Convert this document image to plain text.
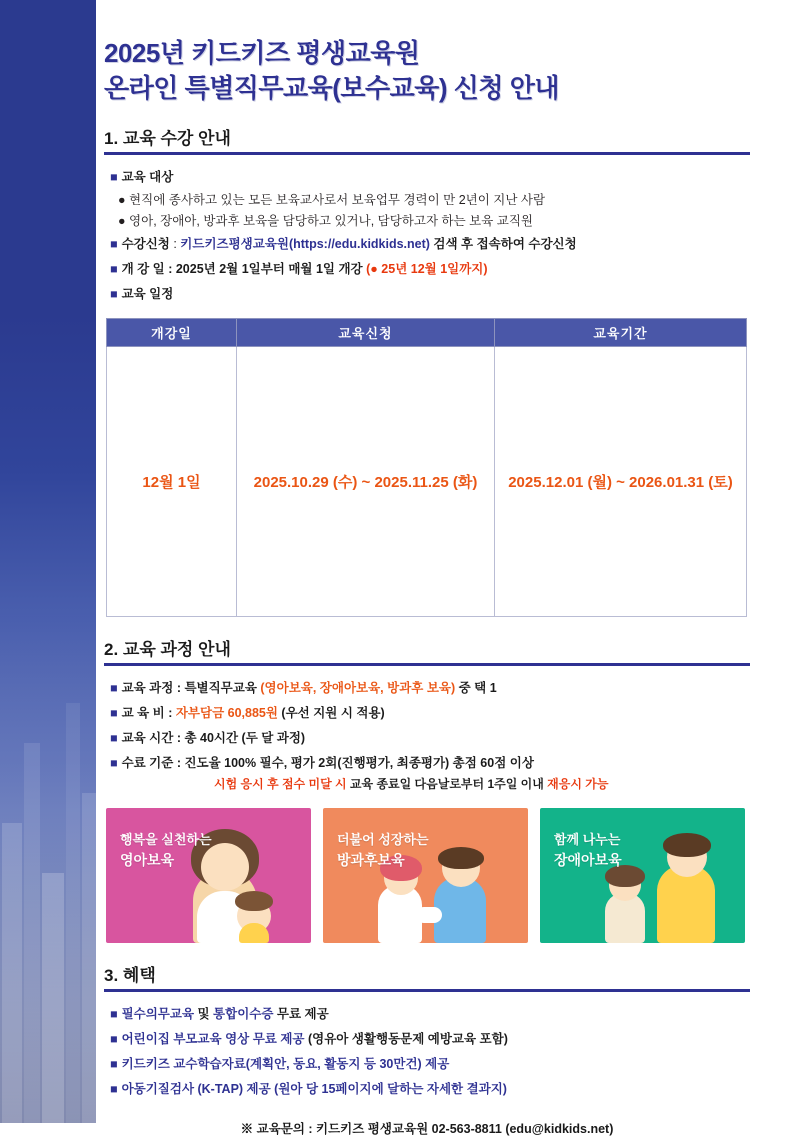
2025년 키드키즈 평생교육원
온라인 특별직무교육(보수교육) 신청 안내
1. 교육 수강 안내
■ 교육 대상
● 현직에 종사하고 있는 모든 보육교사로서 보육업무 경력이 만 2년이 지난 사람
● 영아, 장애아, 방과후 보육을 담당하고 있거나, 담당하고자 하는 보육 교직원
■ 수강신청 : 키드키즈평생교육원(https://edu.kidkids.net) 검색 후 접속하여 수강신청
■ 개 강 일 : 2025년 2월 1일부터 매월 1일 개강 (● 25년 12월 1일까지)
■ 교육 일정
개강일	교육신청	교육기간
12월 1일	2025.10.29 (수) ~ 2025.11.25 (화)	2025.12.01 (월) ~ 2026.01.31 (토)
2. 교육 과정 안내
■ 교육 과정 : 특별직무교육 (영아보육, 장애아보육, 방과후 보육) 중 택 1
■ 교 육 비 : 자부담금 60,885원 (우선 지원 시 적용)
■ 교육 시간 : 총 40시간 (두 달 과정)
■ 수료 기준 : 진도율 100% 필수, 평가 2회(진행평가, 최종평가) 총점 60점 이상
시험 응시 후 점수 미달 시 교육 종료일 다음날로부터 1주일 이내 재응시 가능
행복을 실천하는
영아보육
더불어 성장하는
방과후보육
함께 나누는
장애아보육
3. 혜택
■ 필수의무교육 및 통합이수증 무료 제공
■ 어린이집 부모교육 영상 무료 제공 (영유아 생활행동문제 예방교육 포함)
■ 키드키즈 교수학습자료(계획안, 동요, 활동지 등 30만건) 제공
■ 아동기질검사 (K-TAP) 제공 (원아 당 15페이지에 달하는 자세한 결과지)
※ 교육문의 : 키드키즈 평생교육원 02-563-8811 (edu@kidkids.net)
